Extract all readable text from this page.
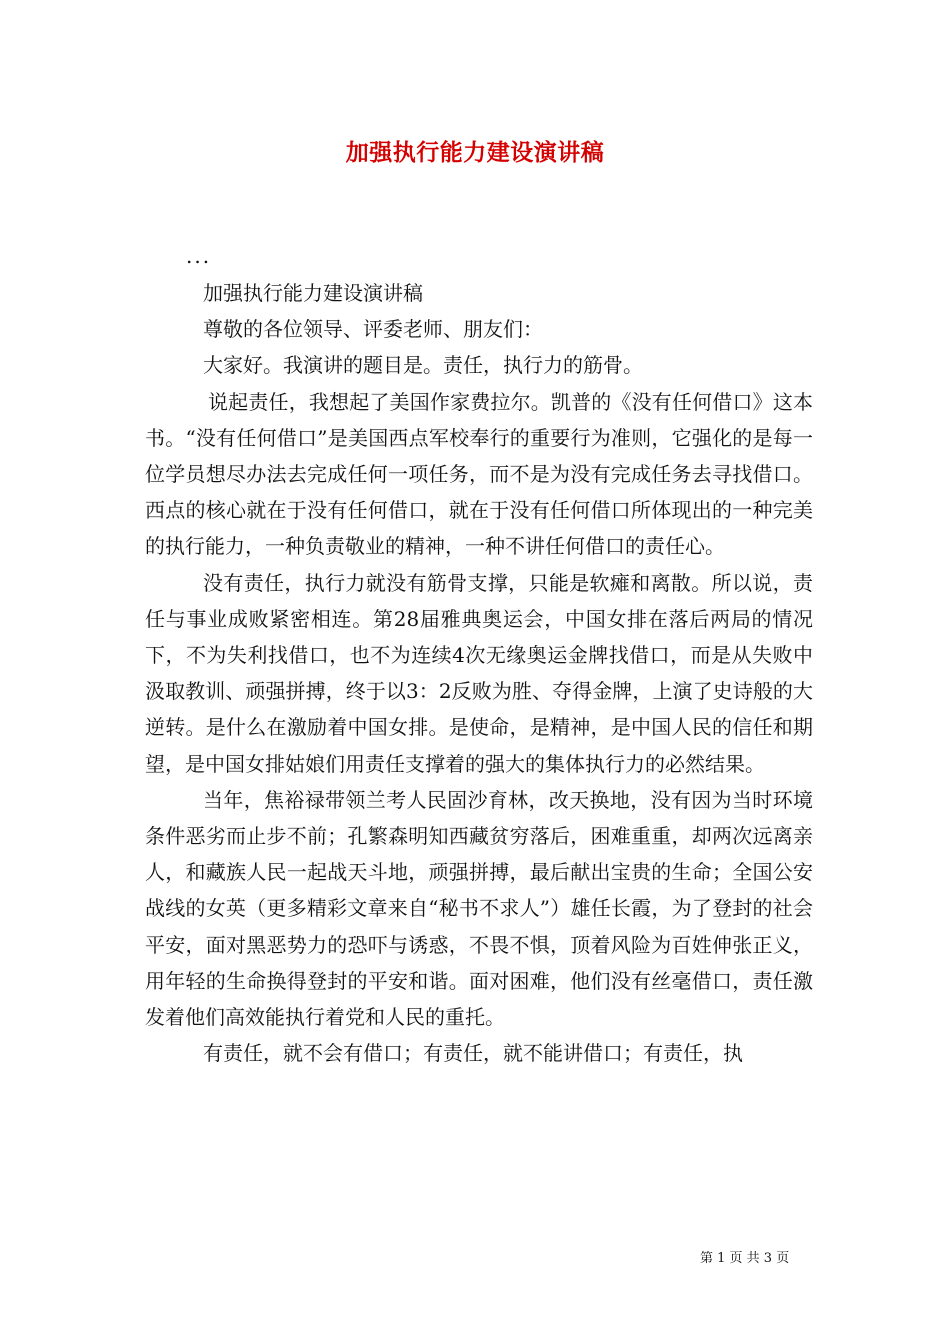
加强执行能力建设演讲稿
...

加强执行能力建设演讲稿

尊敬的各位领导、评委老师、朋友们：

大家好。我演讲的题目是。责任，执行力的筋骨。

说起责任，我想起了美国作家费拉尔。凯普的《没有任何借口》这本书。“没有任何借口”是美国西点军校奉行的重要行为准则，它强化的是每一位学员想尽办法去完成任何一项任务，而不是为没有完成任务去寻找借口。西点的核心就在于没有任何借口，就在于没有任何借口所体现出的一种完美的执行能力，一种负责敬业的精神，一种不讲任何借口的责任心。

没有责任，执行力就没有筋骨支撑，只能是软瘫和离散。所以说，责任与事业成败紧密相连。第28届雅典奥运会，中国女排在落后两局的情况下，不为失利找借口，也不为连续4次无缘奥运金牌找借口，而是从失败中汲取教训、顽强拼搏，终于以3：2反败为胜、夺得金牌，上演了史诗般的大逆转。是什么在激励着中国女排。是使命，是精神，是中国人民的信任和期望，是中国女排姑娘们用责任支撑着的强大的集体执行力的必然结果。

当年，焦裕禄带领兰考人民固沙育林，改天换地，没有因为当时环境条件恶劣而止步不前；孔繁森明知西藏贫穷落后，困难重重，却两次远离亲人，和藏族人民一起战天斗地，顽强拼搏，最后献出宝贵的生命；全国公安战线的女英（更多精彩文章来自“秘书不求人”）雄任长霞，为了登封的社会平安，面对黑恶势力的恐吓与诱惑，不畏不惧，顶着风险为百姓伸张正义，用年轻的生命换得登封的平安和谐。面对困难，他们没有丝毫借口，责任激发着他们高效能执行着党和人民的重托。

有责任，就不会有借口；有责任，就不能讲借口；有责任，执

第 1 页 共 3 页
